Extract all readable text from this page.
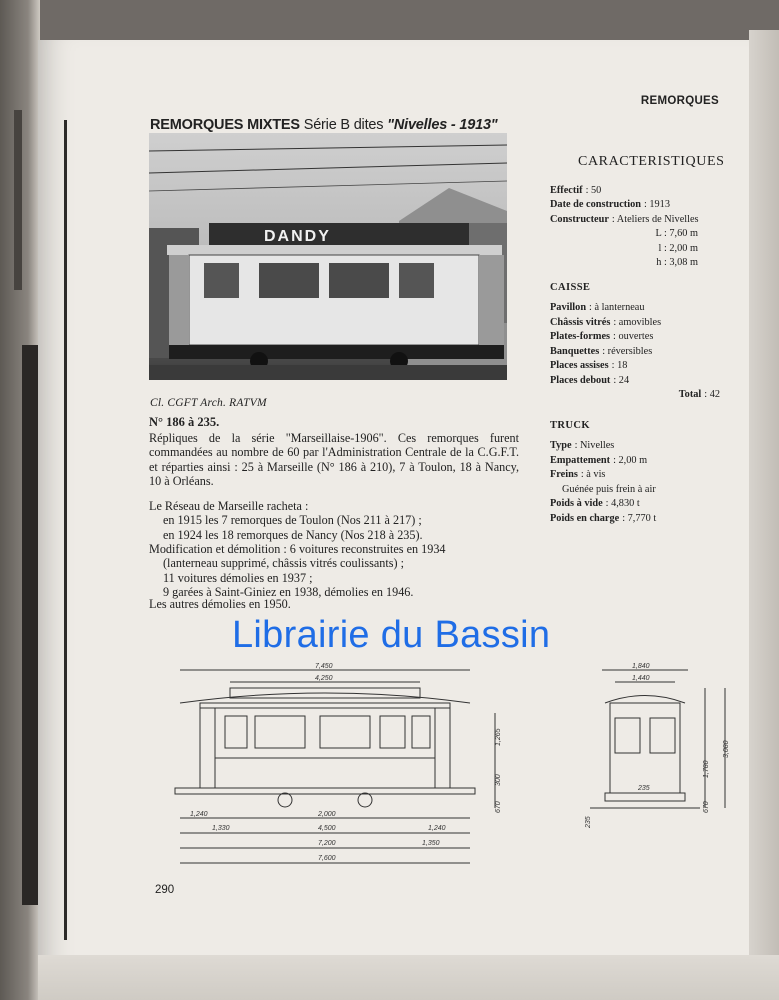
REMORQUES
REMORQUES MIXTES Série B dites "Nivelles - 1913"
DANDY
Cl. CGFT Arch. RATVM
N° 186 à 235.

Répliques de la série "Marseillaise-1906". Ces remorques furent commandées au nombre de 60 par l'Administration Centrale de la C.G.F.T. et réparties ainsi : 25 à Marseille (N° 186 à 210), 7 à Toulon, 18 à Nancy, 10 à Orléans.

Le Réseau de Marseille racheta :

en 1915 les 7 remorques de Toulon (Nos 211 à 217) ;

en 1924 les 18 remorques de Nancy (Nos 218 à 235).

Modification et démolition : 6 voitures reconstruites en 1934

(lanterneau supprimé, châssis vitrés coulissants) ;

11 voitures démolies en 1937 ;

9 garées à Saint-Giniez en 1938, démolies en 1946.

Les autres démolies en 1950.
CARACTERISTIQUES
Effectif : 50
Date de construction : 1913
Constructeur : Ateliers de Nivelles
L : 7,60 m
l : 2,00 m
h : 3,08 m
CAISSE
Pavillon : à lanterneau
Châssis vitrés : amovibles
Plates-formes : ouvertes
Banquettes : réversibles
Places assises : 18
Places debout : 24
Total : 42
TRUCK
Type : Nivelles
Empattement : 2,00 m
Freins : à vis
Guénée puis frein à air
Poids à vide : 4,830 t
Poids en charge : 7,770 t
Librairie du Bassin
7,450
4,250
1,240
1,330
2,000
1,240
4,500
1,350
7,200
7,600
1,265
300
670
1,840
1,440
3,080
1,780
670
235
235
290
